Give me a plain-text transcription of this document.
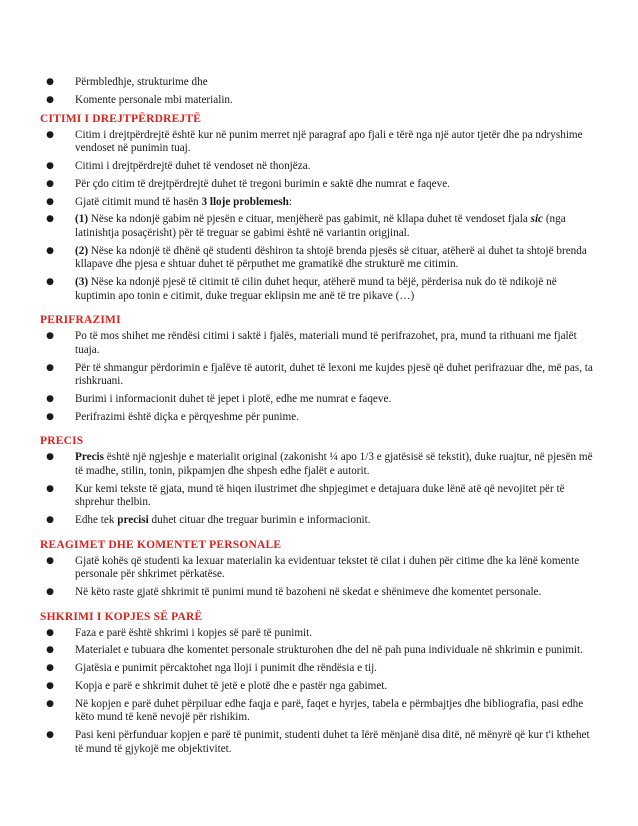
● Përmbledhje, strukturime dhe
● Komente personale mbi materialin.
CITIMI I DREJTPËRDREJTË
● Citim i drejtpërdrejtë është kur në punim merret një paragraf apo fjali e tërë nga një autor tjetër dhe pa ndryshime vendoset në punimin tuaj.
● Citimi i drejtpërdrejtë duhet të vendoset në thonjëza.
● Për çdo citim të drejtpërdrejtë duhet të tregoni burimin e saktë dhe numrat e faqeve.
● Gjatë citimit mund të hasën 3 lloje problemesh:
● (1) Nëse ka ndonjë gabim në pjesën e cituar, menjëherë pas gabimit, në kllapa duhet të vendoset fjala sic (nga latinishtja posaçërisht) për të treguar se gabimi është në variantin origjinal.
● (2) Nëse ka ndonjë të dhënë që studenti dëshiron ta shtojë brenda pjesës së cituar, atëherë ai duhet ta shtojë brenda kllapave dhe pjesa e shtuar duhet të përputhet me gramatikë dhe strukturë me citimin.
● (3) Nëse ka ndonjë pjesë të citimit të cilin duhet hequr, atëherë mund ta bëjë, përderisa nuk do të ndikojë në kuptimin apo tonin e citimit, duke treguar eklipsin me anë të tre pikave (…)
PERIFRAZIMI
● Po të mos shihet me rëndësi citimi i saktë i fjalës, materiali mund të perifrazohet, pra, mund ta rithuani me fjalët tuaja.
● Për të shmangur përdorimin e fjalëve të autorit, duhet të lexoni me kujdes pjesë që duhet perifrazuar dhe, më pas, ta rishkruani.
● Burimi i informacionit duhet të jepet i plotë, edhe me numrat e faqeve.
● Perifrazimi është diçka e përqyeshme për punime.
PRECIS
● Precis është një ngjeshje e materialit original (zakonisht ¼ apo 1/3 e gjatësisë së tekstit), duke ruajtur, në pjesën më të madhe, stilin, tonin, pikpamjen dhe shpesh edhe fjalët e autorit.
● Kur kemi tekste të gjata, mund të hiqen ilustrimet dhe shpjegimet e detajuara duke lënë atë që nevojitet për të shprehur thelbin.
● Edhe tek precisi duhet cituar dhe treguar burimin e informacionit.
REAGIMET DHE KOMENTET PERSONALE
● Gjatë kohës që studenti ka lexuar materialin ka evidentuar tekstet të cilat i duhen për citime dhe ka lënë komente personale për shkrimet përkatëse.
● Në këto raste gjatë shkrimit të punimi mund të bazoheni në skedat e shënimeve dhe komentet personale.
SHKRIMI I KOPJES SË PARË
● Faza e parë është shkrimi i kopjes së parë të punimit.
● Materialet e tubuara dhe komentet personale strukturohen dhe del në pah puna individuale në shkrimin e punimit.
● Gjatësia e punimit përcaktohet nga lloji i punimit dhe rëndësia e tij.
● Kopja e parë e shkrimit duhet të jetë e plotë dhe e pastër nga gabimet.
● Në kopjen e parë duhet përpiluar edhe faqja e parë, faqet e hyrjes, tabela e përmbajtjes dhe bibliografia, pasi edhe këto mund të kenë nevojë për rishikim.
● Pasi keni përfunduar kopjen e parë të punimit, studenti duhet ta lërë mënjanë disa ditë, në mënyrë që kur t'i kthehet të mund të gjykojë me objektivitet.
